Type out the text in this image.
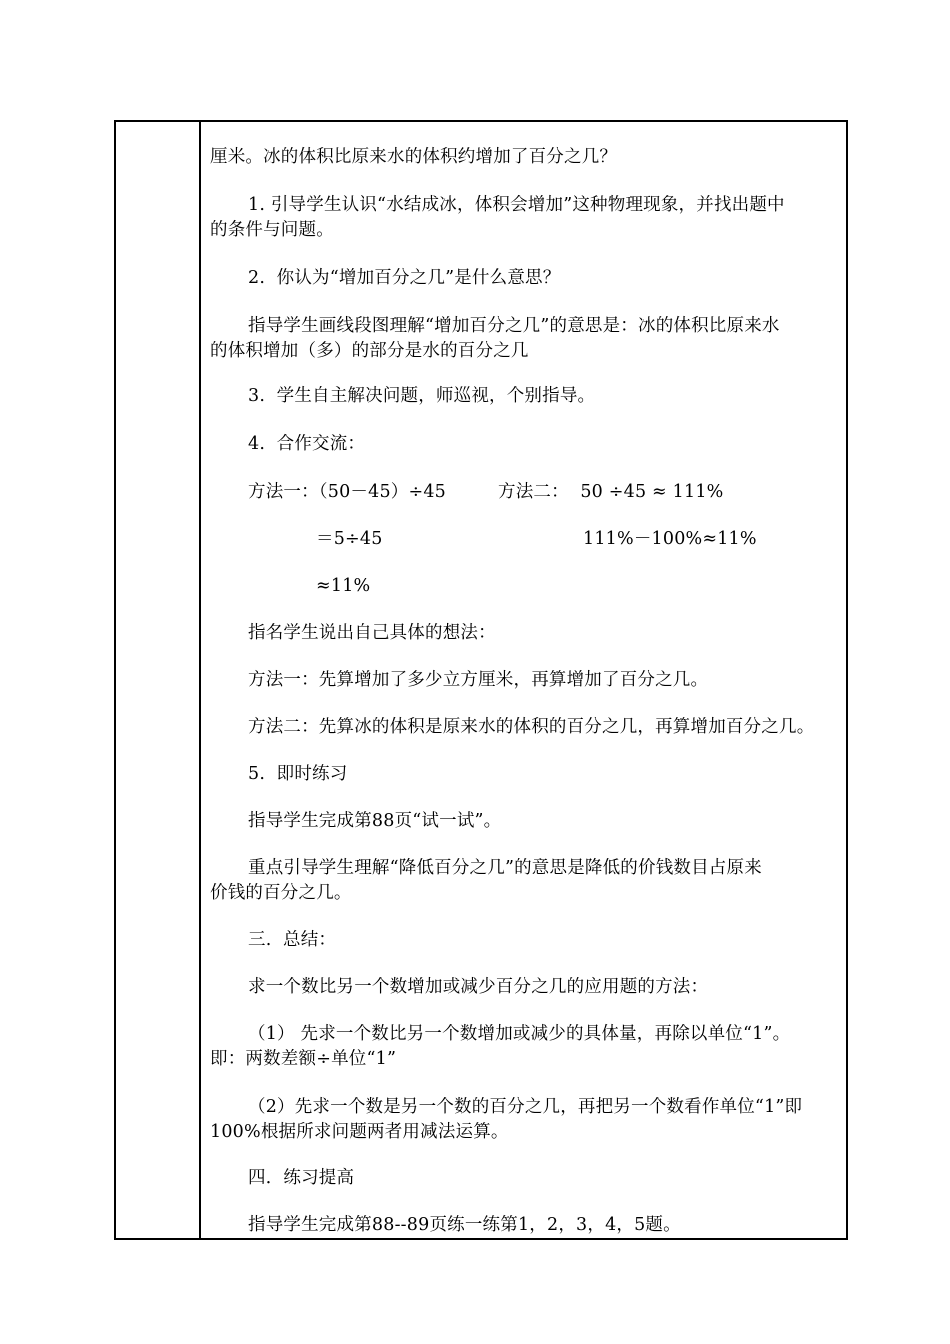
厘米。冰的体积比原来水的体积约增加了百分之几？
1. 引导学生认识“水结成冰，体积会增加”这种物理现象，并找出题中
的条件与问题。
2.  你认为“增加百分之几”是什么意思？
指导学生画线段图理解“增加百分之几”的意思是：冰的体积比原来水
的体积增加（多）的部分是水的百分之几
3.  学生自主解决问题，师巡视，个别指导。
4.  合作交流：
方法一：（50－45）÷45	方法二：  50 ÷45 ≈ 111%
＝5÷45	111%－100%≈11%
≈11%
指名学生说出自己具体的想法：
方法一：先算增加了多少立方厘米，再算增加了百分之几。
方法二：先算冰的体积是原来水的体积的百分之几，再算增加百分之几。
5.  即时练习
指导学生完成第88页“试一试”。
重点引导学生理解“降低百分之几”的意思是降低的价钱数目占原来
价钱的百分之几。
三.  总结：
求一个数比另一个数增加或减少百分之几的应用题的方法：
（1） 先求一个数比另一个数增加或减少的具体量，再除以单位“1”。
即：两数差额÷单位“1”
（2）先求一个数是另一个数的百分之几，再把另一个数看作单位“1”即
100%根据所求问题两者用减法运算。
四．练习提高
指导学生完成第88--89页练一练第1，2，3，4，5题。
